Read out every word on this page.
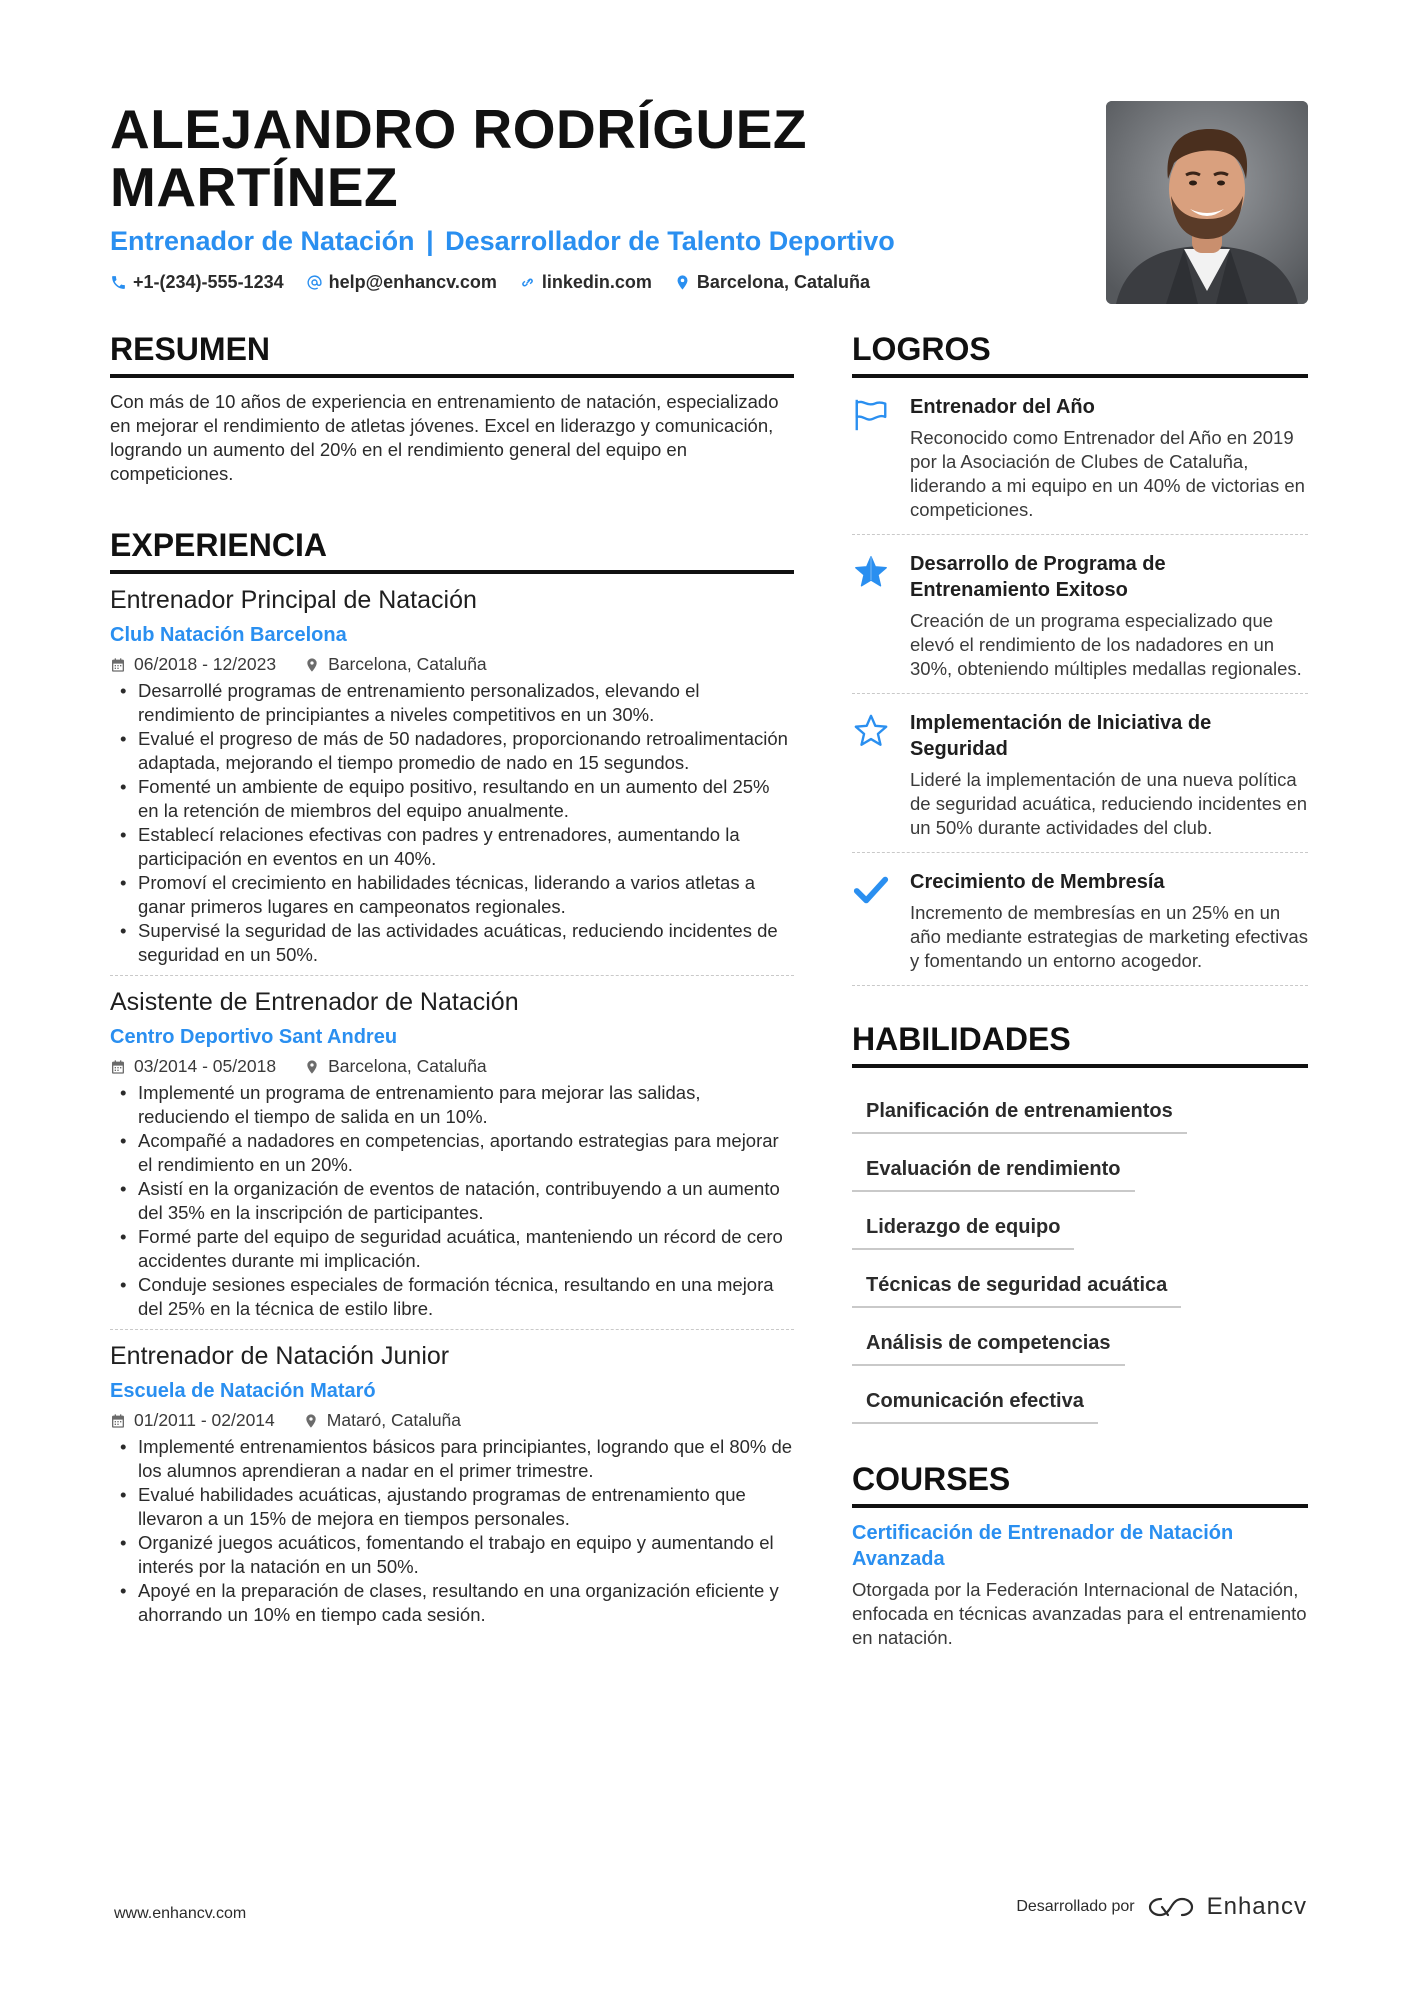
ALEJANDRO RODRÍGUEZ
MARTÍNEZ
Entrenador de Natación | Desarrollador de Talento Deportivo
+1-(234)-555-1234	help@enhancv.com	linkedin.com	Barcelona, Cataluña
RESUMEN

Con más de 10 años de experiencia en entrenamiento de natación, especializado en mejorar el rendimiento de atletas jóvenes. Excel en liderazgo y comunicación, logrando un aumento del 20% en el rendimiento general del equipo en competiciones.

EXPERIENCIA
Entrenador Principal de Natación
Club Natación Barcelona
06/2018 - 12/2023	Barcelona, Cataluña
• Desarrollé programas de entrenamiento personalizados, elevando el rendimiento de principiantes a niveles competitivos en un 30%.
• Evalué el progreso de más de 50 nadadores, proporcionando retroalimentación adaptada, mejorando el tiempo promedio de nado en 15 segundos.
• Fomenté un ambiente de equipo positivo, resultando en un aumento del 25% en la retención de miembros del equipo anualmente.
• Establecí relaciones efectivas con padres y entrenadores, aumentando la participación en eventos en un 40%.
• Promoví el crecimiento en habilidades técnicas, liderando a varios atletas a ganar primeros lugares en campeonatos regionales.
• Supervisé la seguridad de las actividades acuáticas, reduciendo incidentes de seguridad en un 50%.
Asistente de Entrenador de Natación
Centro Deportivo Sant Andreu
03/2014 - 05/2018	Barcelona, Cataluña
• Implementé un programa de entrenamiento para mejorar las salidas, reduciendo el tiempo de salida en un 10%.
• Acompañé a nadadores en competencias, aportando estrategias para mejorar el rendimiento en un 20%.
• Asistí en la organización de eventos de natación, contribuyendo a un aumento del 35% en la inscripción de participantes.
• Formé parte del equipo de seguridad acuática, manteniendo un récord de cero accidentes durante mi implicación.
• Conduje sesiones especiales de formación técnica, resultando en una mejora del 25% en la técnica de estilo libre.
Entrenador de Natación Junior
Escuela de Natación Mataró
01/2011 - 02/2014	Mataró, Cataluña
• Implementé entrenamientos básicos para principiantes, logrando que el 80% de los alumnos aprendieran a nadar en el primer trimestre.
• Evalué habilidades acuáticas, ajustando programas de entrenamiento que llevaron a un 15% de mejora en tiempos personales.
• Organizé juegos acuáticos, fomentando el trabajo en equipo y aumentando el interés por la natación en un 50%.
• Apoyé en la preparación de clases, resultando en una organización eficiente y ahorrando un 10% en tiempo cada sesión.
LOGROS
Entrenador del Año
Reconocido como Entrenador del Año en 2019 por la Asociación de Clubes de Cataluña, liderando a mi equipo en un 40% de victorias en competiciones.
Desarrollo de Programa de Entrenamiento Exitoso
Creación de un programa especializado que elevó el rendimiento de los nadadores en un 30%, obteniendo múltiples medallas regionales.
Implementación de Iniciativa de Seguridad
Lideré la implementación de una nueva política de seguridad acuática, reduciendo incidentes en un 50% durante actividades del club.
Crecimiento de Membresía
Incremento de membresías en un 25% en un año mediante estrategias de marketing efectivas y fomentando un entorno acogedor.
HABILIDADES
Planificación de entrenamientos
Evaluación de rendimiento
Liderazgo de equipo
Técnicas de seguridad acuática
Análisis de competencias
Comunicación efectiva
COURSES
Certificación de Entrenador de Natación Avanzada
Otorgada por la Federación Internacional de Natación, enfocada en técnicas avanzadas para el entrenamiento en natación.
www.enhancv.com	Desarrollado por	Enhancv
